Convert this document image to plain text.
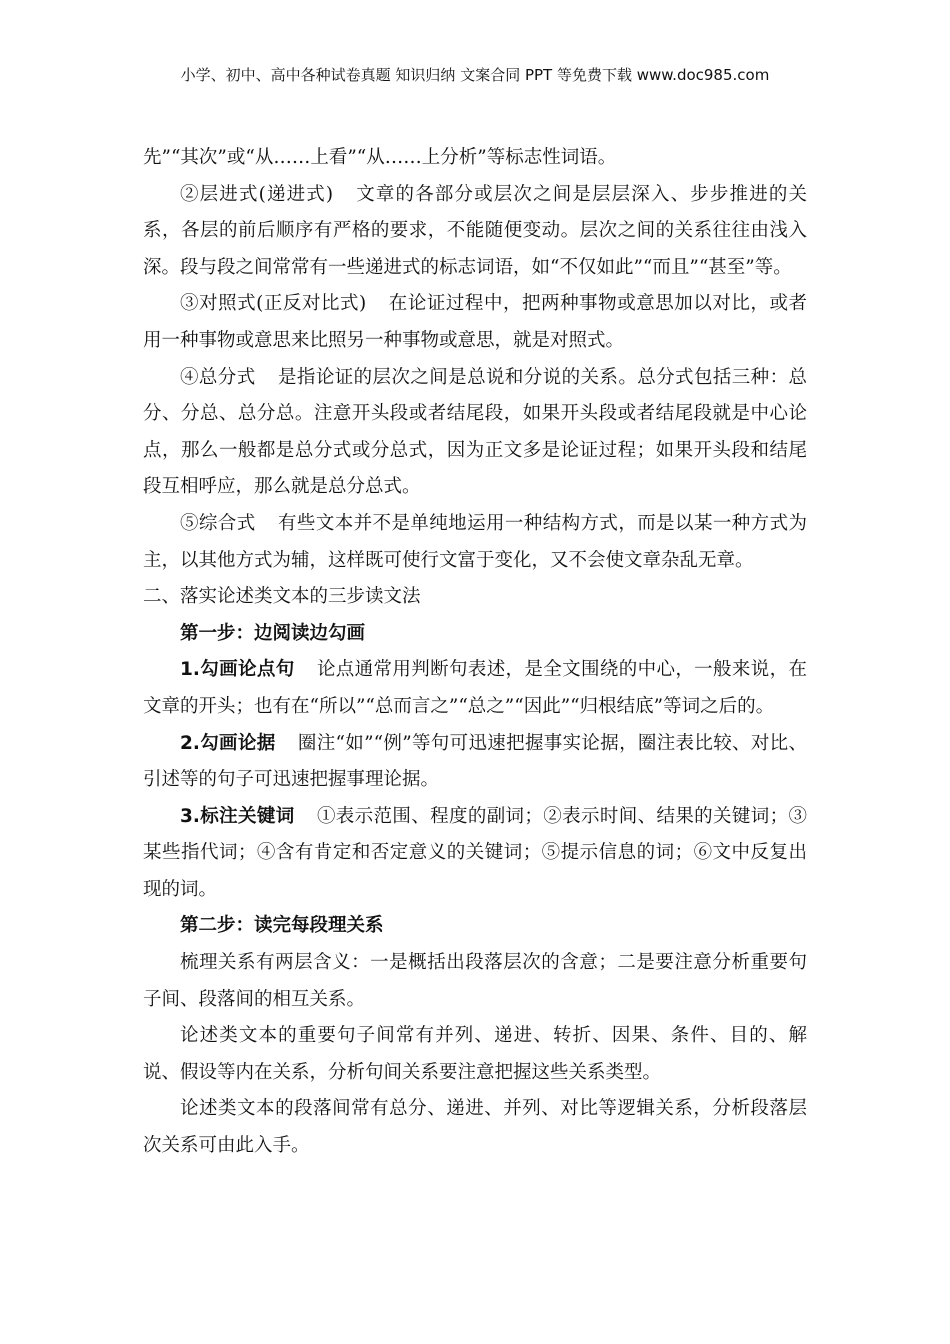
小学、初中、高中各种试卷真题 知识归纳 文案合同 PPT 等免费下载 www.doc985.com

先”“其次”或“从……上看”“从……上分析”等标志性词语。

②层进式(递进式) 文章的各部分或层次之间是层层深入、步步推进的关系，各层的前后顺序有严格的要求，不能随便变动。层次之间的关系往往由浅入深。段与段之间常常有一些递进式的标志词语，如“不仅如此”“而且”“甚至”等。

③对照式(正反对比式) 在论证过程中，把两种事物或意思加以对比，或者用一种事物或意思来比照另一种事物或意思，就是对照式。

④总分式 是指论证的层次之间是总说和分说的关系。总分式包括三种：总分、分总、总分总。注意开头段或者结尾段，如果开头段或者结尾段就是中心论点，那么一般都是总分式或分总式，因为正文多是论证过程；如果开头段和结尾段互相呼应，那么就是总分总式。

⑤综合式 有些文本并不是单纯地运用一种结构方式，而是以某一种方式为主，以其他方式为辅，这样既可使行文富于变化，又不会使文章杂乱无章。

二、落实论述类文本的三步读文法

第一步：边阅读边勾画

1.勾画论点句 论点通常用判断句表述，是全文围绕的中心，一般来说，在文章的开头；也有在“所以”“总而言之”“总之”“因此”“归根结底”等词之后的。

2.勾画论据 圈注“如”“例”等句可迅速把握事实论据，圈注表比较、对比、引述等的句子可迅速把握事理论据。

3.标注关键词 ①表示范围、程度的副词；②表示时间、结果的关键词；③某些指代词；④含有肯定和否定意义的关键词；⑤提示信息的词；⑥文中反复出现的词。

第二步：读完每段理关系

梳理关系有两层含义：一是概括出段落层次的含意；二是要注意分析重要句子间、段落间的相互关系。

论述类文本的重要句子间常有并列、递进、转折、因果、条件、目的、解说、假设等内在关系，分析句间关系要注意把握这些关系类型。

论述类文本的段落间常有总分、递进、并列、对比等逻辑关系，分析段落层次关系可由此入手。
